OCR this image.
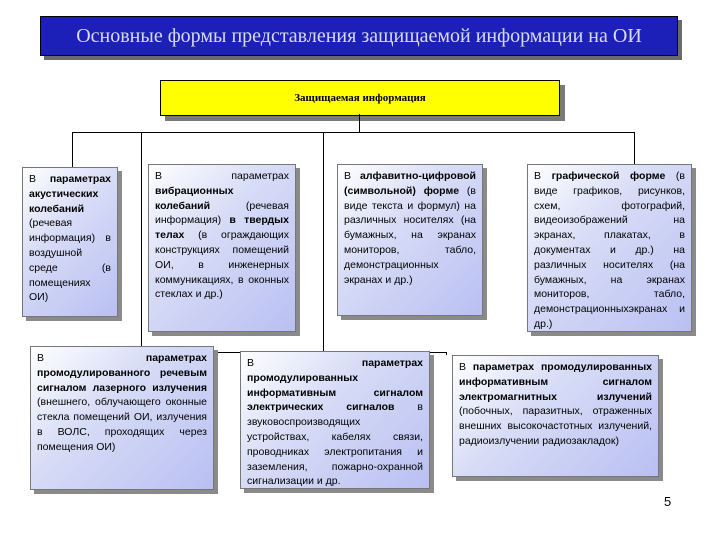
Основные формы представления защищаемой информации на ОИ
Защищаемая информация
В параметрах акустических колебаний (речевая информация) в воздушной среде (в помещениях ОИ)
В параметрах вибрационных колебаний (речевая информация) в твердых телах (в ограждающих конструкциях помещений ОИ, в инженерных коммуникациях, в оконных стеклах и др.)
В алфавитно-цифровой (символьной) форме (в виде текста и формул) на различных носителях (на бумажных, на экранах мониторов, табло, демонстрационных экранах и др.)
В графической форме (в виде графиков, рисунков, схем, фотографий, видеоизображений на экранах, плакатах, в документах и др.) на различных носителях (на бумажных, на экранах мониторов, табло, демонстрационныхэкранах и др.)
В параметрах промодулированного речевым сигналом лазерного излучения (внешнего, облучающего оконные стекла помещений ОИ, излучения в ВОЛС, проходящих через помещения ОИ)
В параметрах промодулированных информативным сигналом электрических сигналов в звуковоспроизводящих устройствах, кабелях связи, проводниках электропитания и заземления, пожарно-охранной сигнализации и др.
В параметрах промодулированных информативным сигналом электромагнитных излучений (побочных, паразитных, отраженных внешних высокочастотных излучений, радиоизлучении радиозакладок)
5
